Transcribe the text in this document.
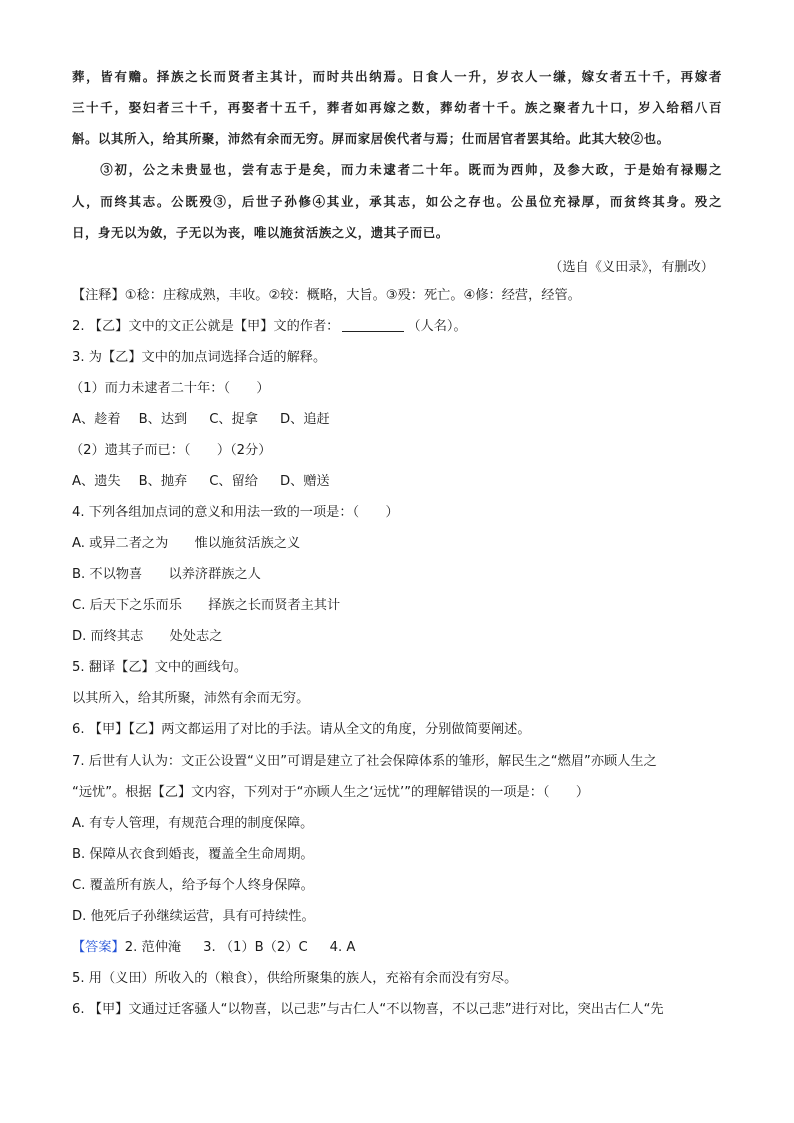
葬，皆有赡。择族之长而贤者主其计，而时共出纳焉。日食人一升，岁衣人一缣，嫁女者五十千，再嫁者
三十千，娶妇者三十千，再娶者十五千，葬者如再嫁之数，葬幼者十千。族之聚者九十口，岁入给稻八百
斛。以其所入，给其所聚，沛然有余而无穷。屏而家居俟代者与焉；仕而居官者罢其给。此其大较②也。
　　③初，公之未贵显也，尝有志于是矣，而力未逮者二十年。既而为西帅，及参大政，于是始有禄赐之
人，而终其志。公既殁③，后世子孙修④其业，承其志，如公之存也。公虽位充禄厚，而贫终其身。殁之
日，身无以为敛，子无以为丧，唯以施贫活族之义，遗其子而已。
（选自《义田录》，有删改）
【注释】①稔：庄稼成熟，丰收。②较：概略，大旨。③殁：死亡。④修：经营，经管。
2. 【乙】文中的文正公就是【甲】文的作者：	（人名）。
3. 为【乙】文中的加点词选择合适的解释。
（1）而力未逮者二十年：（　　）
A、趁着 B、达到 C、捉拿 D、追赶
（2）遗其子而已：（　　）（2分）
A、遗失 B、抛弃 C、留给 D、赠送
4. 下列各组加点词的意义和用法一致的一项是：（　　）
A. 或异二者之为　　惟以施贫活族之义
B. 不以物喜　　以养济群族之人
C. 后天下之乐而乐　　择族之长而贤者主其计
D. 而终其志　　处处志之
5. 翻译【乙】文中的画线句。
以其所入，给其所聚，沛然有余而无穷。
6. 【甲】【乙】两文都运用了对比的手法。请从全文的角度，分别做简要阐述。
7. 后世有人认为：文正公设置“义田”可谓是建立了社会保障体系的雏形，解民生之“燃眉”亦顾人生之
“远忧”。根据【乙】文内容，下列对于“亦顾人生之‘远忧’”的理解错误的一项是：（　　）
A. 有专人管理，有规范合理的制度保障。
B. 保障从衣食到婚丧，覆盖全生命周期。
C. 覆盖所有族人，给予每个人终身保障。
D. 他死后子孙继续运营，具有可持续性。
【答案】2. 范仲淹 3. （1）B（2）C 4. A
5. 用（义田）所收入的（粮食），供给所聚集的族人，充裕有余而没有穷尽。
6. 【甲】文通过迁客骚人“以物喜，以己悲”与古仁人“不以物喜，不以己悲”进行对比，突出古仁人“先
